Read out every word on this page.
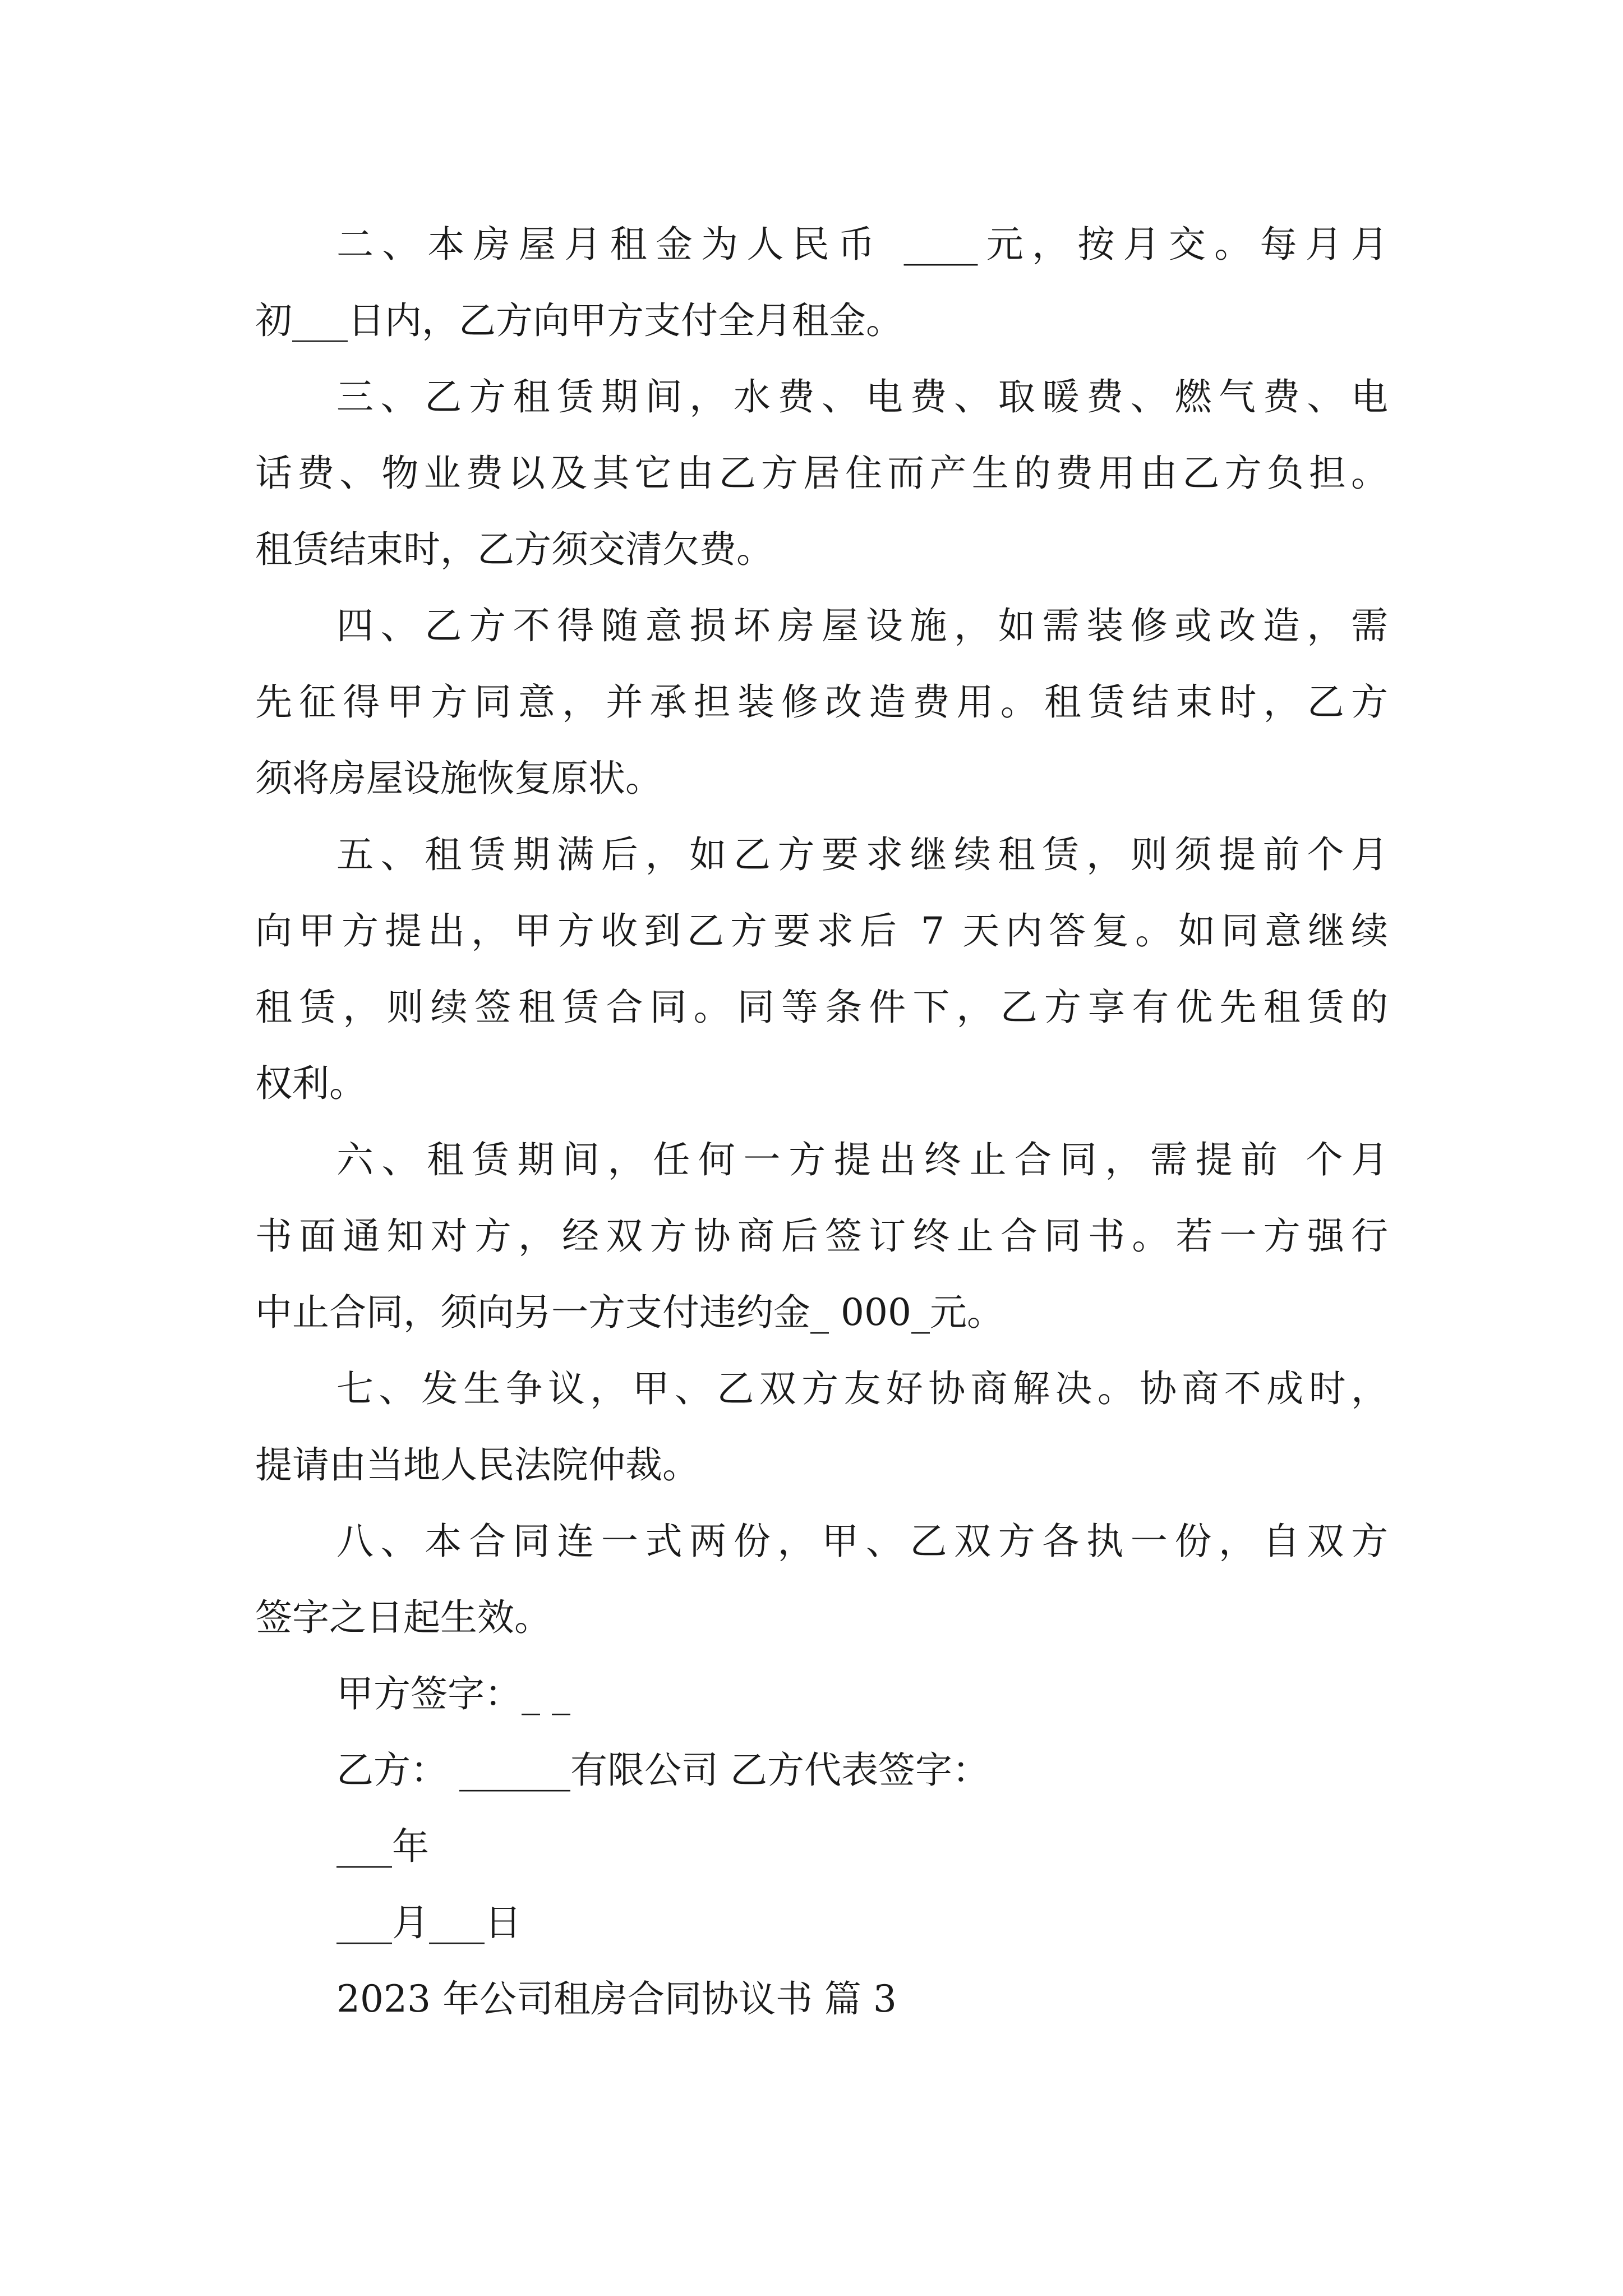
二、本房屋月租金为人民币 ____元，按月交。每月月
初___日内，乙方向甲方支付全月租金。
三、乙方租赁期间，水费、电费、取暖费、燃气费、电
话费、物业费以及其它由乙方居住而产生的费用由乙方负担。
租赁结束时，乙方须交清欠费。
四、乙方不得随意损坏房屋设施，如需装修或改造，需
先征得甲方同意，并承担装修改造费用。租赁结束时，乙方
须将房屋设施恢复原状。
五、租赁期满后，如乙方要求继续租赁，则须提前个月
向甲方提出，甲方收到乙方要求后 7 天内答复。如同意继续
租赁，则续签租赁合同。同等条件下，乙方享有优先租赁的
权利。
六、租赁期间，任何一方提出终止合同，需提前 个月
书面通知对方，经双方协商后签订终止合同书。若一方强行
中止合同，须向另一方支付违约金_ 000_元。
七、发生争议，甲、乙双方友好协商解决。协商不成时，
提请由当地人民法院仲裁。
八、本合同连一式两份，甲、乙双方各执一份，自双方
签字之日起生效。
甲方签字：_ _
乙方： ______有限公司 乙方代表签字：
___年
___月___日
2023 年公司租房合同协议书 篇 3
